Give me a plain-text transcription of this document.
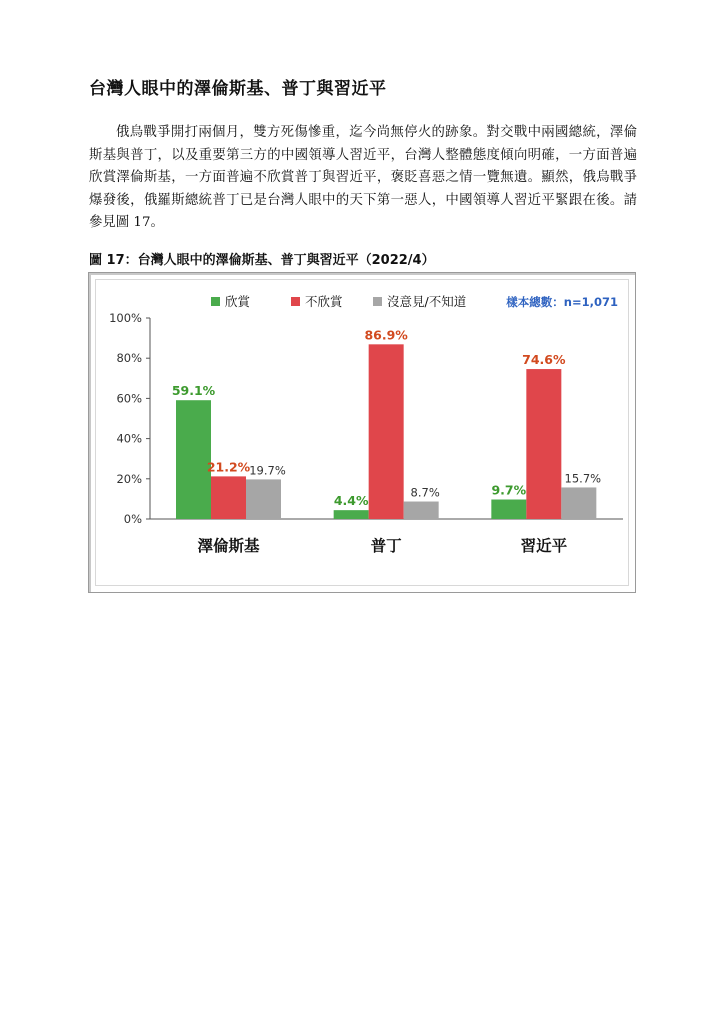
台灣人眼中的澤倫斯基、普丁與習近平

俄烏戰爭開打兩個月，雙方死傷慘重，迄今尚無停火的跡象。對交戰中兩國總統，澤倫斯基與普丁，以及重要第三方的中國領導人習近平，台灣人整體態度傾向明確，一方面普遍欣賞澤倫斯基，一方面普遍不欣賞普丁與習近平，褒貶喜惡之情一覽無遺。顯然，俄烏戰爭爆發後，俄羅斯總統普丁已是台灣人眼中的天下第一惡人，中國領導人習近平緊跟在後。請參見圖 17。

圖 17：台灣人眼中的澤倫斯基、普丁與習近平（2022/4）
欣賞	不欣賞	沒意見/不知道	樣本總數：n=1,071
0%
20%
40%
60%
80%
100%
59.1%
21.2% 19.7%
澤倫斯基
4.4%
86.9%
8.7%
普丁
9.7%
74.6%
15.7%
習近平
